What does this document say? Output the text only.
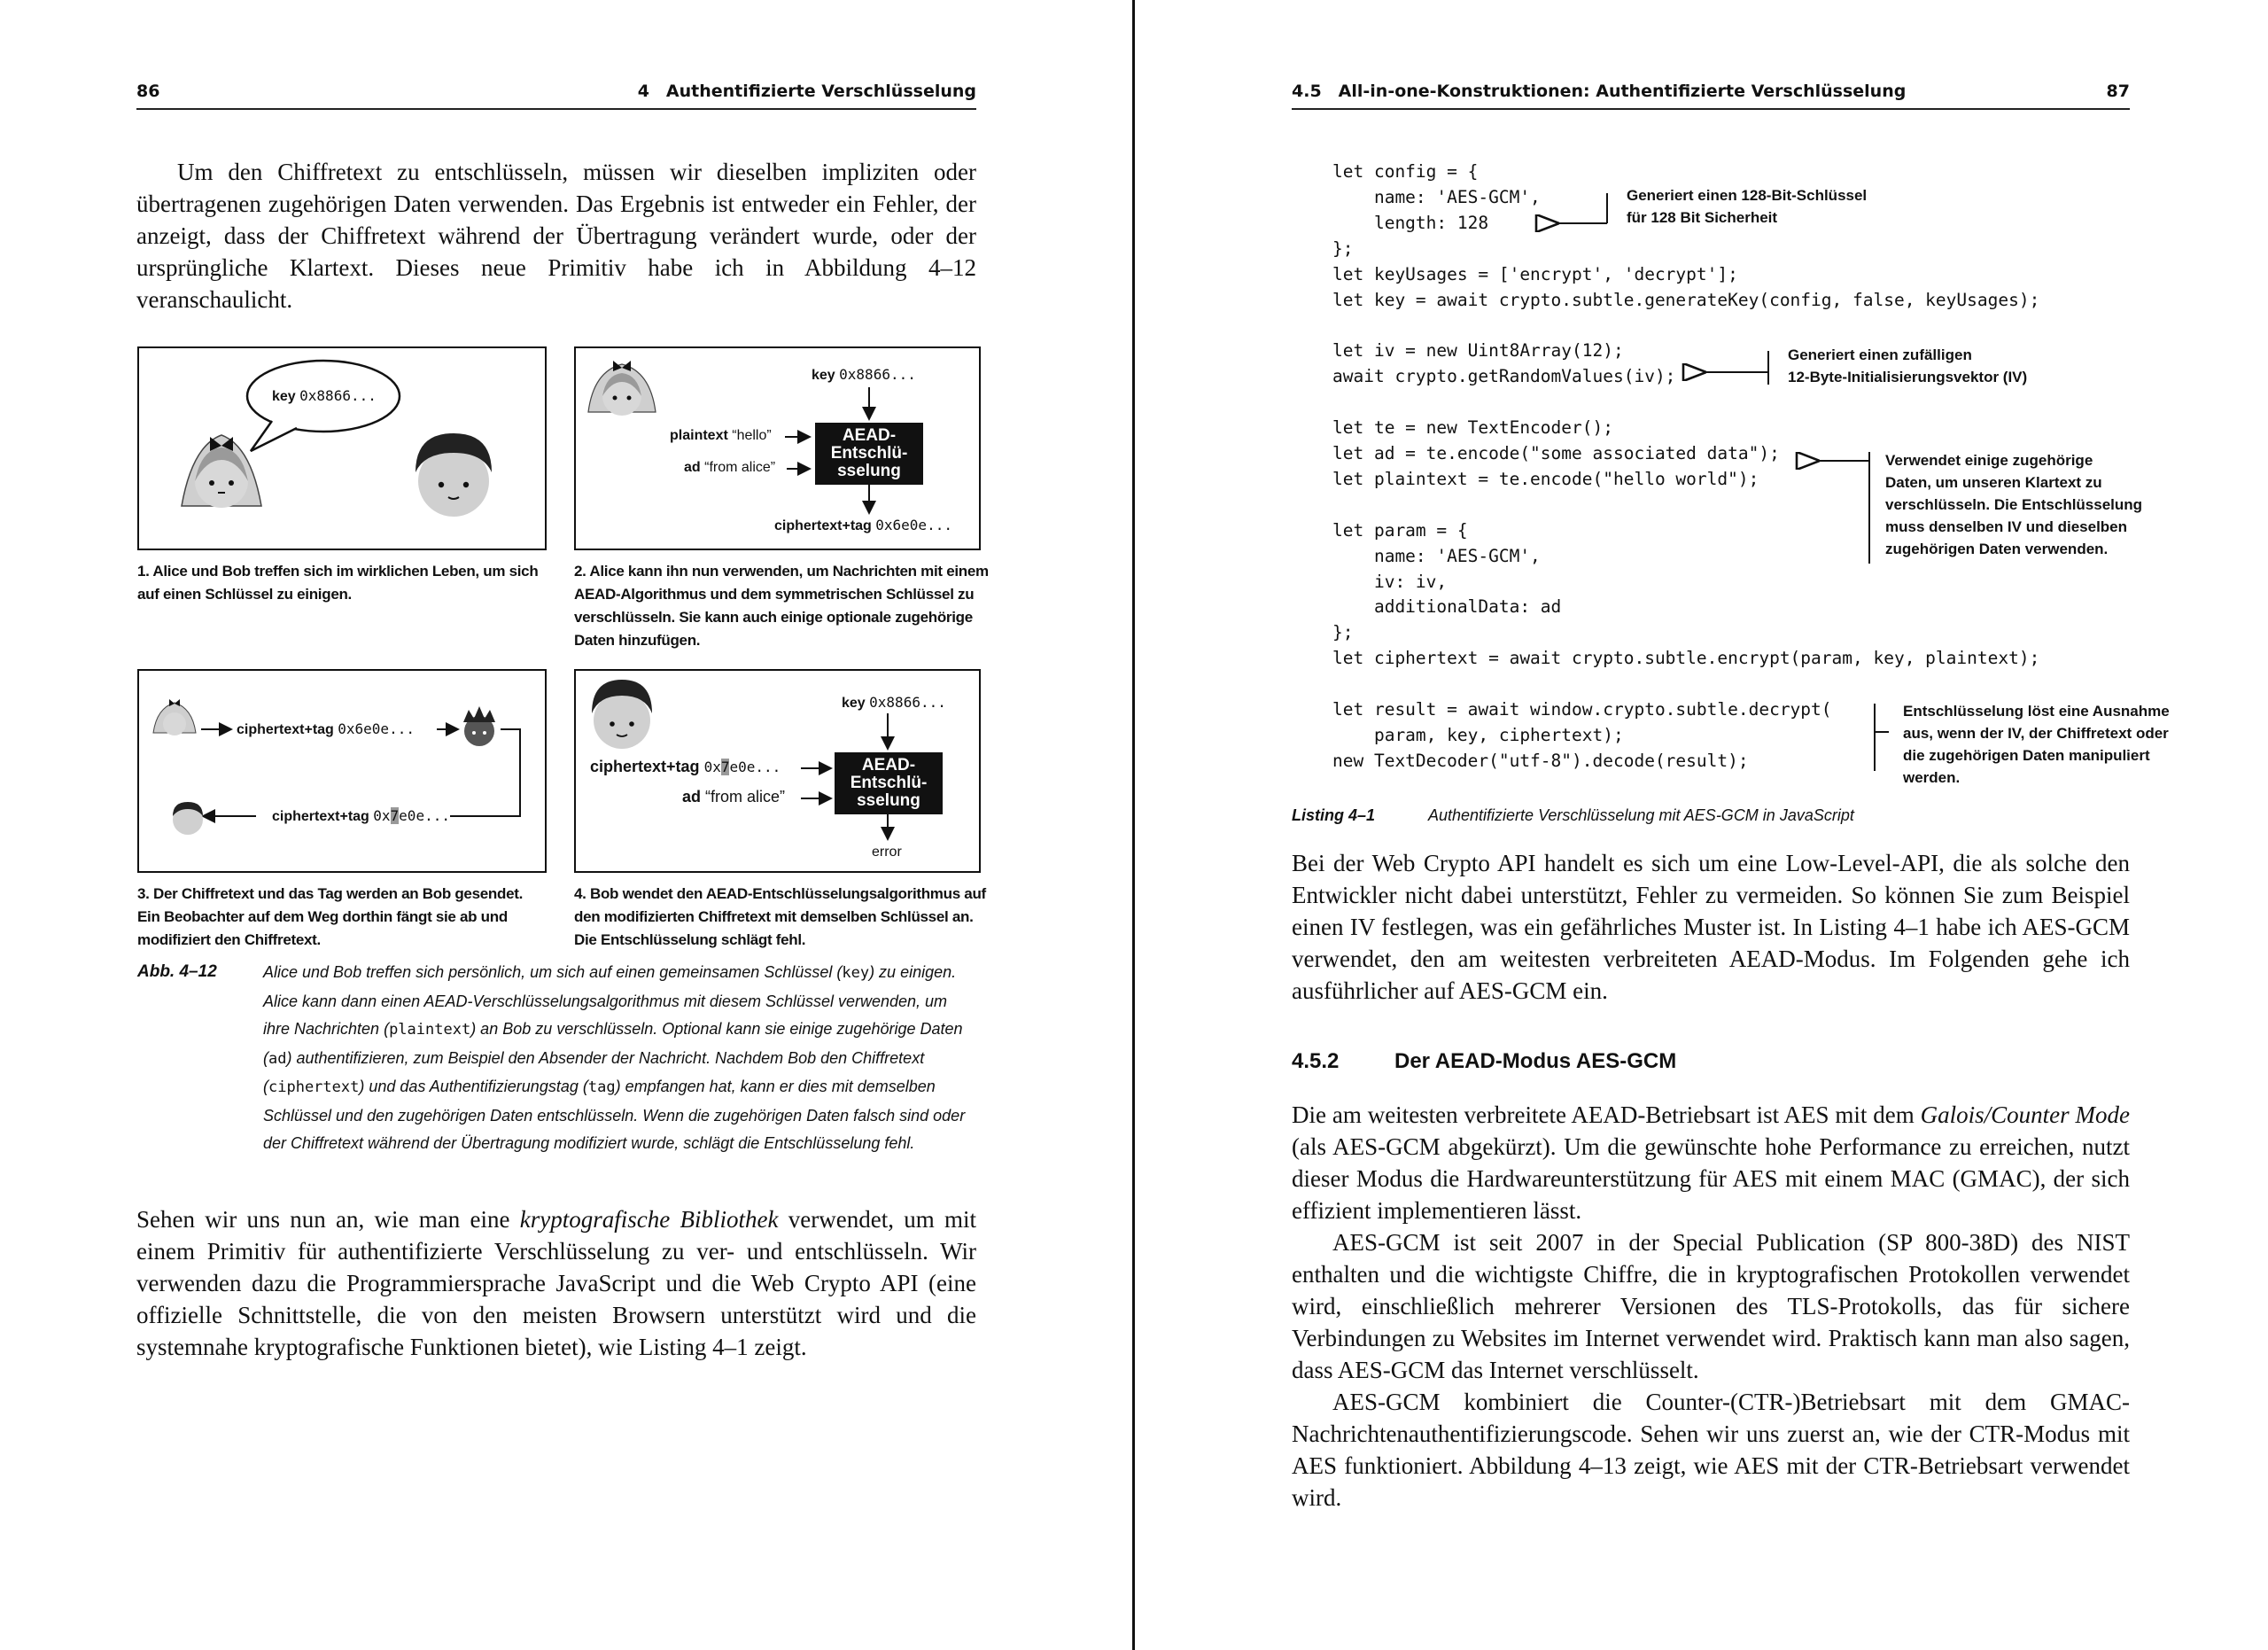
86	4 Authentifizierte Verschlüsselung

Um den Chiffretext zu entschlüsseln, müssen wir dieselben impliziten oder übertragenen zugehörigen Daten verwenden. Das Ergebnis ist entweder ein Fehler, der anzeigt, dass der Chiffretext während der Übertragung verändert wurde, oder der ursprüngliche Klartext. Dieses neue Primitiv habe ich in Abbildung 4–12 veranschaulicht.

key 0x8866...
1. Alice und Bob treffen sich im wirklichen Leben, um sich auf einen Schlüssel zu einigen.
key 0x8866...
plaintext “hello”
ad “from alice”
AEAD-
Entschlü-
sselung
ciphertext+tag 0x6e0e...
2. Alice kann ihn nun verwenden, um Nachrichten mit einem AEAD-Algorithmus und dem symmetrischen Schlüssel zu verschlüsseln. Sie kann auch einige optionale zugehörige Daten hinzufügen.
ciphertext+tag 0x6e0e...
ciphertext+tag 0x7e0e...
3. Der Chiffretext und das Tag werden an Bob gesendet. Ein Beobachter auf dem Weg dorthin fängt sie ab und modifiziert den Chiffretext.
key 0x8866...
ciphertext+tag 0x7e0e...
ad “from alice”
AEAD-
Entschlü-
sselung
error
4. Bob wendet den AEAD-Entschlüsselungsalgorithmus auf den modifizierten Chiffretext mit demselben Schlüssel an. Die Entschlüsselung schlägt fehl.
Abb. 4–12	Alice und Bob treffen sich persönlich, um sich auf einen gemeinsamen Schlüssel (key) zu einigen. Alice kann dann einen AEAD-Verschlüsselungsalgorithmus mit diesem Schlüssel verwenden, um ihre Nachrichten (plaintext) an Bob zu verschlüsseln. Optional kann sie einige zugehörige Daten (ad) authentifizieren, zum Beispiel den Absender der Nachricht. Nachdem Bob den Chiffretext (ciphertext) und das Authentifizierungstag (tag) empfangen hat, kann er dies mit demselben Schlüssel und den zugehörigen Daten entschlüsseln. Wenn die zugehörigen Daten falsch sind oder der Chiffretext während der Übertragung modifiziert wurde, schlägt die Entschlüsselung fehl.

Sehen wir uns nun an, wie man eine kryptografische Bibliothek verwendet, um mit einem Primitiv für authentifizierte Verschlüsselung zu ver- und entschlüsseln. Wir verwenden dazu die Programmiersprache JavaScript und die Web Crypto API (eine offizielle Schnittstelle, die von den meisten Browsern unterstützt wird und die systemnahe kryptografische Funktionen bietet), wie Listing 4–1 zeigt.

4.5 All-in-one-Konstruktionen: Authentifizierte Verschlüsselung	87
let config = {
name: 'AES-GCM',
length: 128
};
let keyUsages = ['encrypt', 'decrypt'];
let key = await crypto.subtle.generateKey(config, false, keyUsages);

let iv = new Uint8Array(12);
await crypto.getRandomValues(iv);

let te = new TextEncoder();
let ad = te.encode("some associated data");
let plaintext = te.encode("hello world");

let param = {
name: 'AES-GCM',
iv: iv,
additionalData: ad
};
let ciphertext = await crypto.subtle.encrypt(param, key, plaintext);

let result = await window.crypto.subtle.decrypt(
param, key, ciphertext);
new TextDecoder("utf-8").decode(result);
Generiert einen 128-Bit-Schlüssel
für 128 Bit Sicherheit
Generiert einen zufälligen
12-Byte-Initialisierungsvektor (IV)
Verwendet einige zugehörige
Daten, um unseren Klartext zu
verschlüsseln. Die Entschlüsselung
muss denselben IV und dieselben
zugehörigen Daten verwenden.
Entschlüsselung löst eine Ausnahme
aus, wenn der IV, der Chiffretext oder
die zugehörigen Daten manipuliert
werden.
Listing 4–1	Authentifizierte Verschlüsselung mit AES-GCM in JavaScript

Bei der Web Crypto API handelt es sich um eine Low-Level-API, die als solche den Entwickler nicht dabei unterstützt, Fehler zu vermeiden. So können Sie zum Beispiel einen IV festlegen, was ein gefährliches Muster ist. In Listing 4–1 habe ich AES-GCM verwendet, den am weitesten verbreiteten AEAD-Modus. Im Folgenden gehe ich ausführlicher auf AES-GCM ein.

4.5.2	Der AEAD-Modus AES-GCM

Die am weitesten verbreitete AEAD-Betriebsart ist AES mit dem Galois/Counter Mode (als AES-GCM abgekürzt). Um die gewünschte hohe Performance zu erreichen, nutzt dieser Modus die Hardwareunterstützung für AES mit einem MAC (GMAC), der sich effizient implementieren lässt.

AES-GCM ist seit 2007 in der Special Publication (SP 800-38D) des NIST enthalten und die wichtigste Chiffre, die in kryptografischen Protokollen verwendet wird, einschließlich mehrerer Versionen des TLS-Protokolls, das für sichere Verbindungen zu Websites im Internet verwendet wird. Praktisch kann man also sagen, dass AES-GCM das Internet verschlüsselt.

AES-GCM kombiniert die Counter-(CTR-)Betriebsart mit dem GMAC-Nachrichtenauthentifizierungscode. Sehen wir uns zuerst an, wie der CTR-Modus mit AES funktioniert. Abbildung 4–13 zeigt, wie AES mit der CTR-Betriebsart verwendet wird.
